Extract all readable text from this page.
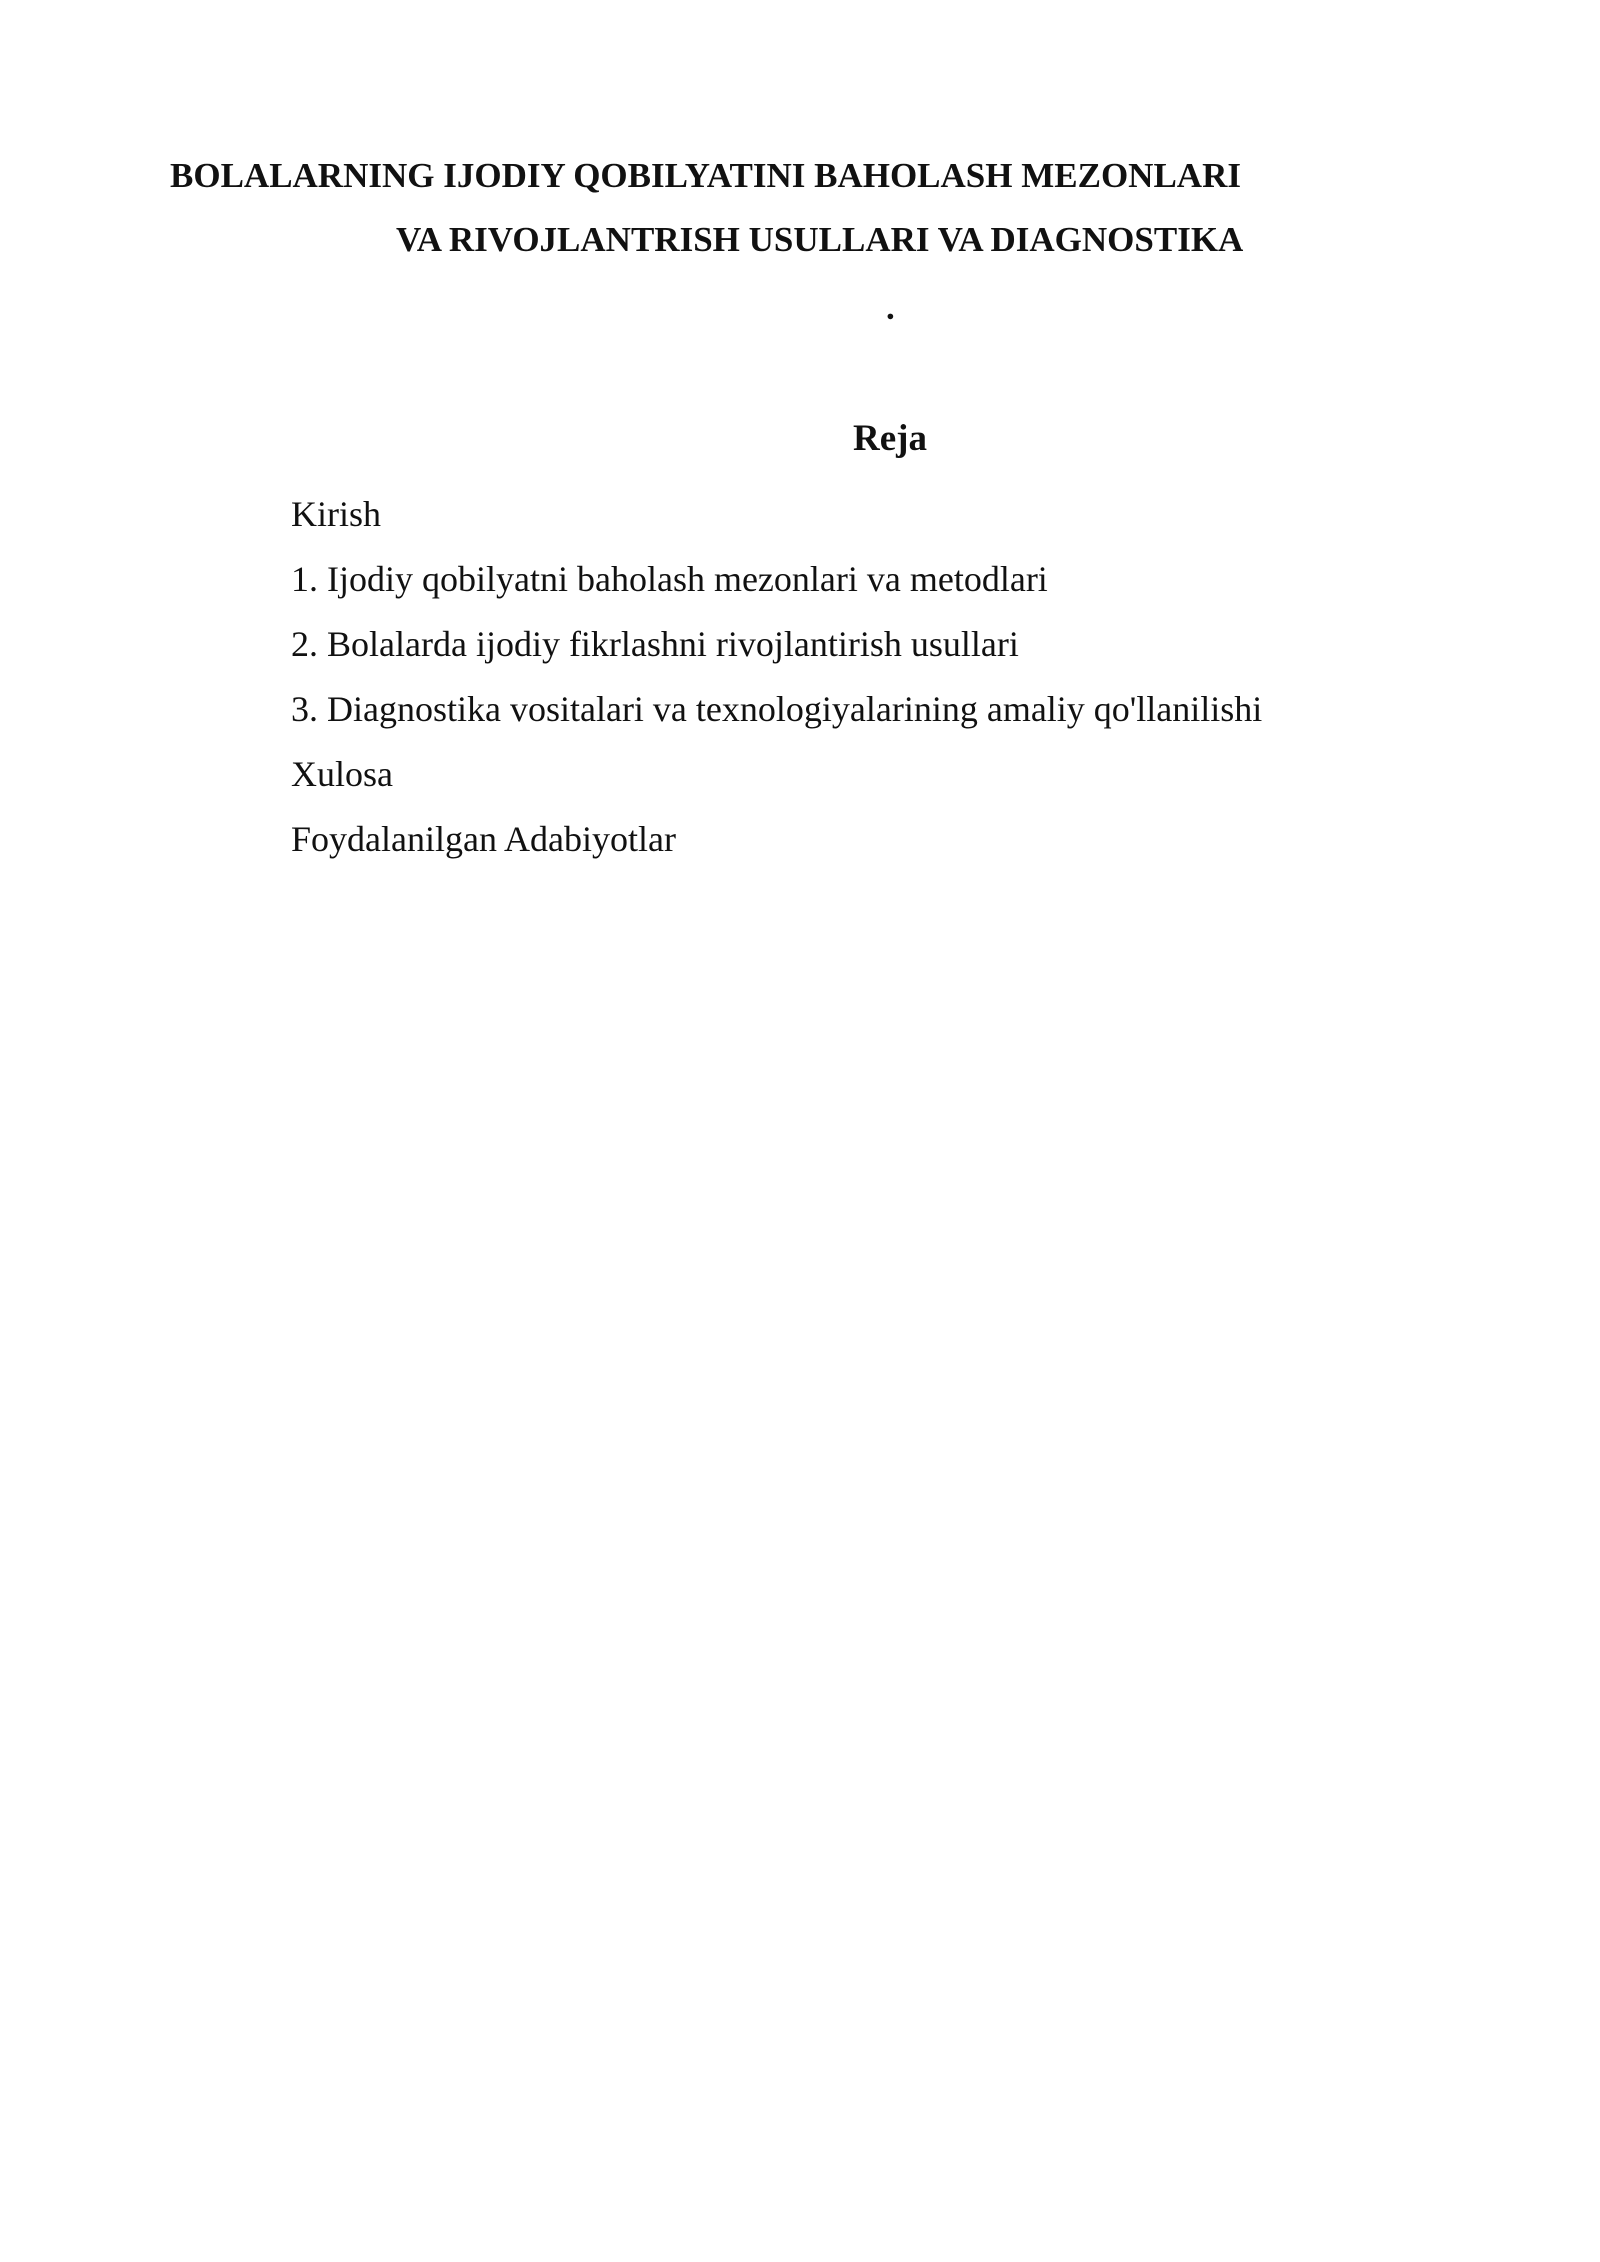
BOLALARNING IJODIY QOBILYATINI BAHOLASH MEZONLARI
VA RIVOJLANTRISH USULLARI VA DIAGNOSTIKA
.
Reja
Kirish
1. Ijodiy qobilyatni baholash mezonlari va metodlari
2. Bolalarda ijodiy fikrlashni rivojlantirish usullari
3. Diagnostika vositalari va texnologiyalarining amaliy qo'llanilishi
Xulosa
Foydalanilgan Adabiyotlar
